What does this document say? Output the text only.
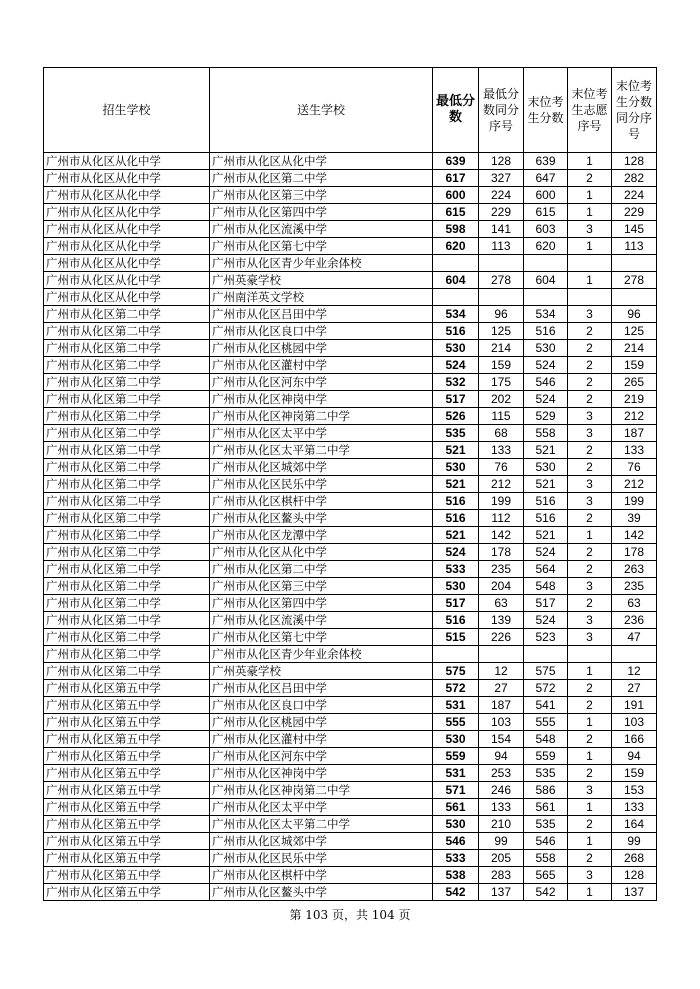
招生学校	送生学校	最低分数	最低分数同分序号	末位考生分数	末位考生志愿序号	末位考生分数同分序号
广州市从化区从化中学	广州市从化区从化中学	639	128	639	1	128
广州市从化区从化中学	广州市从化区第二中学	617	327	647	2	282
广州市从化区从化中学	广州市从化区第三中学	600	224	600	1	224
广州市从化区从化中学	广州市从化区第四中学	615	229	615	1	229
广州市从化区从化中学	广州市从化区流溪中学	598	141	603	3	145
广州市从化区从化中学	广州市从化区第七中学	620	113	620	1	113
广州市从化区从化中学	广州市从化区青少年业余体校					
广州市从化区从化中学	广州英豪学校	604	278	604	1	278
广州市从化区从化中学	广州南洋英文学校					
广州市从化区第二中学	广州市从化区吕田中学	534	96	534	3	96
广州市从化区第二中学	广州市从化区良口中学	516	125	516	2	125
广州市从化区第二中学	广州市从化区桃园中学	530	214	530	2	214
广州市从化区第二中学	广州市从化区灌村中学	524	159	524	2	159
广州市从化区第二中学	广州市从化区河东中学	532	175	546	2	265
广州市从化区第二中学	广州市从化区神岗中学	517	202	524	2	219
广州市从化区第二中学	广州市从化区神岗第二中学	526	115	529	3	212
广州市从化区第二中学	广州市从化区太平中学	535	68	558	3	187
广州市从化区第二中学	广州市从化区太平第二中学	521	133	521	2	133
广州市从化区第二中学	广州市从化区城郊中学	530	76	530	2	76
广州市从化区第二中学	广州市从化区民乐中学	521	212	521	3	212
广州市从化区第二中学	广州市从化区棋杆中学	516	199	516	3	199
广州市从化区第二中学	广州市从化区鳌头中学	516	112	516	2	39
广州市从化区第二中学	广州市从化区龙潭中学	521	142	521	1	142
广州市从化区第二中学	广州市从化区从化中学	524	178	524	2	178
广州市从化区第二中学	广州市从化区第二中学	533	235	564	2	263
广州市从化区第二中学	广州市从化区第三中学	530	204	548	3	235
广州市从化区第二中学	广州市从化区第四中学	517	63	517	2	63
广州市从化区第二中学	广州市从化区流溪中学	516	139	524	3	236
广州市从化区第二中学	广州市从化区第七中学	515	226	523	3	47
广州市从化区第二中学	广州市从化区青少年业余体校					
广州市从化区第二中学	广州英豪学校	575	12	575	1	12
广州市从化区第五中学	广州市从化区吕田中学	572	27	572	2	27
广州市从化区第五中学	广州市从化区良口中学	531	187	541	2	191
广州市从化区第五中学	广州市从化区桃园中学	555	103	555	1	103
广州市从化区第五中学	广州市从化区灌村中学	530	154	548	2	166
广州市从化区第五中学	广州市从化区河东中学	559	94	559	1	94
广州市从化区第五中学	广州市从化区神岗中学	531	253	535	2	159
广州市从化区第五中学	广州市从化区神岗第二中学	571	246	586	3	153
广州市从化区第五中学	广州市从化区太平中学	561	133	561	1	133
广州市从化区第五中学	广州市从化区太平第二中学	530	210	535	2	164
广州市从化区第五中学	广州市从化区城郊中学	546	99	546	1	99
广州市从化区第五中学	广州市从化区民乐中学	533	205	558	2	268
广州市从化区第五中学	广州市从化区棋杆中学	538	283	565	3	128
广州市从化区第五中学	广州市从化区鳌头中学	542	137	542	1	137
第 103 页，共 104 页
